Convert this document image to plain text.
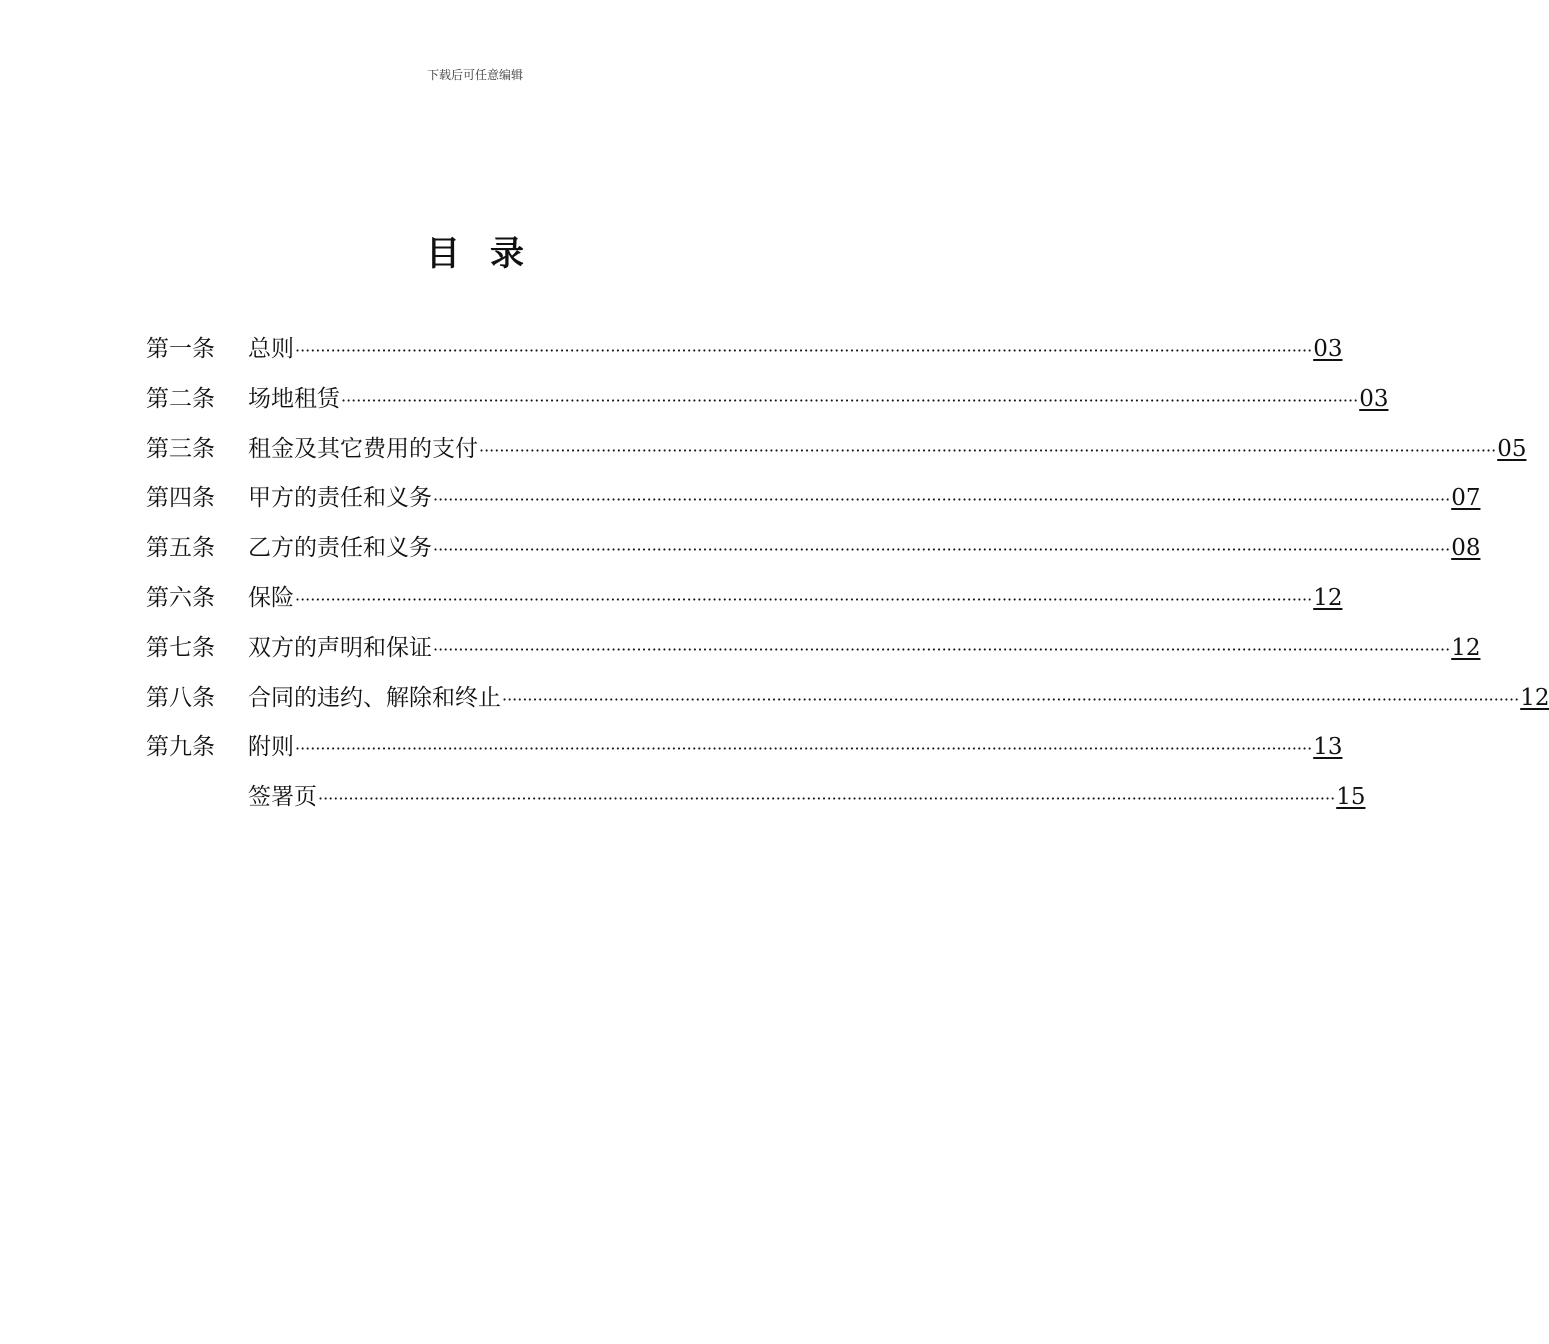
下载后可任意编辑
目录
第一条	总则 ········································································································································································································ 03
第二条	场地租赁 ········································································································································································································ 03
第三条	租金及其它费用的支付 ········································································································································································································ 05
第四条	甲方的责任和义务 ········································································································································································································ 07
第五条	乙方的责任和义务 ········································································································································································································ 08
第六条	保险 ········································································································································································································ 12
第七条	双方的声明和保证 ········································································································································································································ 12
第八条	合同的违约、解除和终止 ········································································································································································································ 12
第九条	附则 ········································································································································································································ 13
签署页 ········································································································································································································ 15
